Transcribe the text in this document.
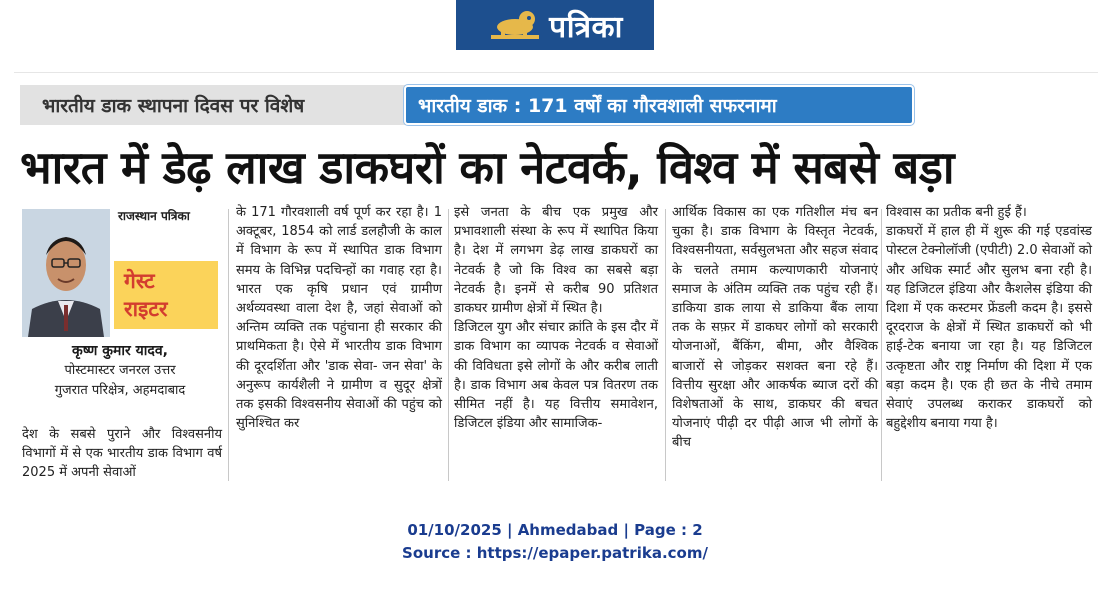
पत्रिका
भारतीय डाक स्थापना दिवस पर विशेष	भारतीय डाक : 171 वर्षों का गौरवशाली सफरनामा
भारत में डेढ़ लाख डाकघरों का नेटवर्क, विश्व में सबसे बड़ा
राजस्थान पत्रिका
गेस्ट
राइटर
कृष्ण कुमार यादव,
पोस्टमास्टर जनरल उत्तर
गुजरात परिक्षेत्र, अहमदाबाद
देश के सबसे पुराने और विश्वसनीय विभागों में से एक भारतीय डाक विभाग वर्ष 2025 में अपनी सेवाओं
के 171 गौरवशाली वर्ष पूर्ण कर रहा है। 1 अक्टूबर, 1854 को लार्ड डलहौजी के काल में विभाग के रूप में स्थापित डाक विभाग समय के विभिन्न पदचिन्हों का गवाह रहा है। भारत एक कृषि प्रधान एवं ग्रामीण अर्थव्यवस्था वाला देश है, जहां सेवाओं को अन्तिम व्यक्ति तक पहुंचाना ही सरकार की प्राथमिकता है। ऐसे में भारतीय डाक विभाग की दूरदर्शिता और 'डाक सेवा- जन सेवा' के अनुरूप कार्यशैली ने ग्रामीण व सुदूर क्षेत्रों तक इसकी विश्वसनीय सेवाओं की पहुंच को सुनिश्चित कर
इसे जनता के बीच एक प्रमुख और प्रभावशाली संस्था के रूप में स्थापित किया है। देश में लगभग डेढ़ लाख डाकघरों का नेटवर्क है जो कि विश्व का सबसे बड़ा नेटवर्क है। इनमें से करीब 90 प्रतिशत डाकघर ग्रामीण क्षेत्रों में स्थित है।
डिजिटल युग और संचार क्रांति के इस दौर में डाक विभाग का व्यापक नेटवर्क व सेवाओं की विविधता इसे लोगों के और करीब लाती है। डाक विभाग अब केवल पत्र वितरण तक सीमित नहीं है। यह वित्तीय समावेशन, डिजिटल इंडिया और सामाजिक-
आर्थिक विकास का एक गतिशील मंच बन चुका है। डाक विभाग के विस्तृत नेटवर्क, विश्वसनीयता, सर्वसुलभता और सहज संवाद के चलते तमाम कल्याणकारी योजनाएं समाज के अंतिम व्यक्ति तक पहुंच रही हैं। डाकिया डाक लाया से डाकिया बैंक लाया तक के सफ़र में डाकघर लोगों को सरकारी योजनाओं, बैंकिंग, बीमा, और वैश्विक बाजारों से जोड़कर सशक्त बना रहे हैं। वित्तीय सुरक्षा और आकर्षक ब्याज दरों की विशेषताओं के साथ, डाकघर की बचत योजनाएं पीढ़ी दर पीढ़ी आज भी लोगों के बीच
विश्वास का प्रतीक बनी हुई हैं।
डाकघरों में हाल ही में शुरू की गई एडवांस्ड पोस्टल टेक्नोलॉजी (एपीटी) 2.0 सेवाओं को और अधिक स्मार्ट और सुलभ बना रही है। यह डिजिटल इंडिया और कैशलेस इंडिया की दिशा में एक कस्टमर फ्रेंडली कदम है। इससे दूरदराज के क्षेत्रों में स्थित डाकघरों को भी हाई-टेक बनाया जा रहा है। यह डिजिटल उत्कृष्टता और राष्ट्र निर्माण की दिशा में एक बड़ा कदम है। एक ही छत के नीचे तमाम सेवाएं उपलब्ध कराकर डाकघरों को बहुद्देशीय बनाया गया है।
01/10/2025 | Ahmedabad | Page : 2
Source : https://epaper.patrika.com/
